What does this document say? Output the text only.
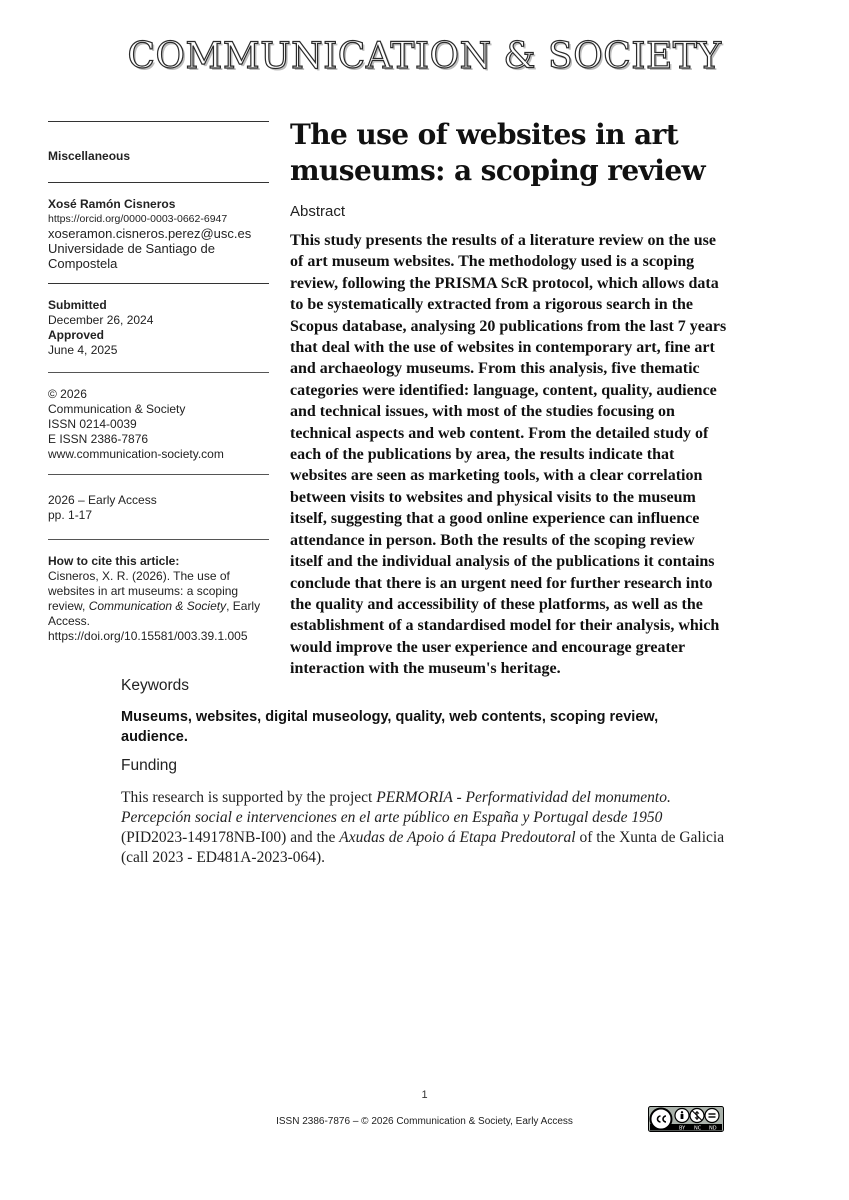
COMMUNICATION & SOCIETY
Miscellaneous
Xosé Ramón Cisneros
https://orcid.org/0000-0003-0662-6947
xoseramon.cisneros.perez@usc.es
Universidade de Santiago de Compostela
Submitted
December 26, 2024
Approved
June 4, 2025
© 2026
Communication & Society
ISSN 0214-0039
E ISSN 2386-7876
www.communication-society.com
2026 – Early Access
pp. 1-17
How to cite this article:
Cisneros, X. R. (2026). The use of websites in art museums: a scoping review, Communication & Society, Early Access.
https://doi.org/10.15581/003.39.1.005
The use of websites in art museums: a scoping review
Abstract
This study presents the results of a literature review on the use of art museum websites. The methodology used is a scoping review, following the PRISMA ScR protocol, which allows data to be systematically extracted from a rigorous search in the Scopus database, analysing 20 publications from the last 7 years that deal with the use of websites in contemporary art, fine art and archaeology museums. From this analysis, five thematic categories were identified: language, content, quality, audience and technical issues, with most of the studies focusing on technical aspects and web content. From the detailed study of each of the publications by area, the results indicate that websites are seen as marketing tools, with a clear correlation between visits to websites and physical visits to the museum itself, suggesting that a good online experience can influence attendance in person. Both the results of the scoping review itself and the individual analysis of the publications it contains conclude that there is an urgent need for further research into the quality and accessibility of these platforms, as well as the establishment of a standardised model for their analysis, which would improve the user experience and encourage greater interaction with the museum's heritage.
Keywords
Museums, websites, digital museology, quality, web contents, scoping review, audience.
Funding
This research is supported by the project PERMORIA - Performatividad del monumento. Percepción social e intervenciones en el arte público en España y Portugal desde 1950 (PID2023-149178NB-I00) and the Axudas de Apoio á Etapa Predoutoral of the Xunta de Galicia (call 2023 - ED481A-2023-064).
1
ISSN 2386-7876 – © 2026 Communication & Society, Early Access
BY NC ND
